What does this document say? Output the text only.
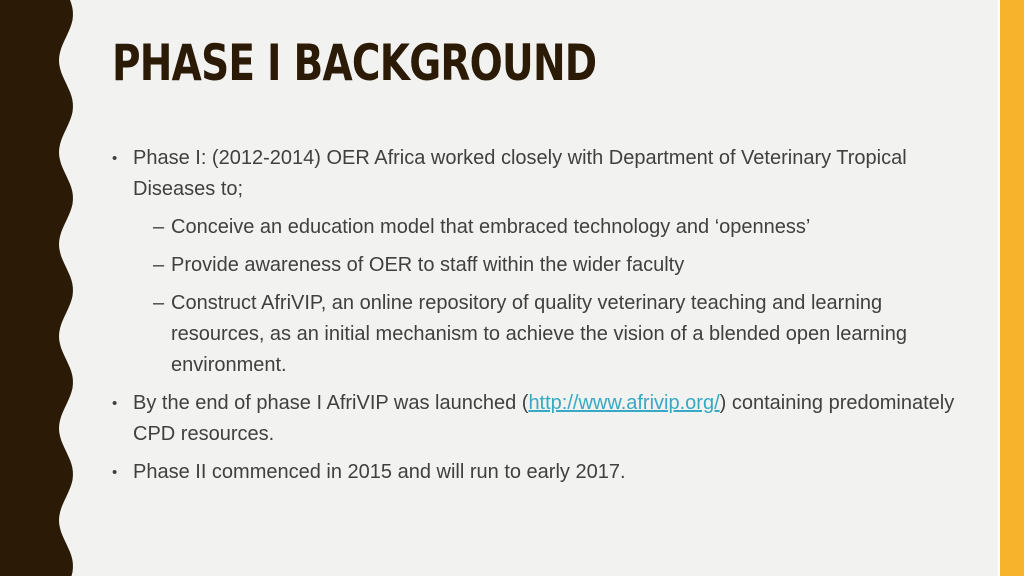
PHASE I BACKGROUND
• Phase I: (2012-2014) OER Africa worked closely with Department of Veterinary Tropical Diseases to;
– Conceive an education model that embraced technology and ‘openness’
– Provide awareness of OER to staff within the wider faculty
– Construct AfriVIP, an online repository of quality veterinary teaching and learning resources, as an initial mechanism to achieve the vision of a blended open learning environment.
• By the end of phase I AfriVIP was launched (http://www.afrivip.org/) containing predominately CPD resources.
• Phase II commenced in 2015 and will run to early 2017.
